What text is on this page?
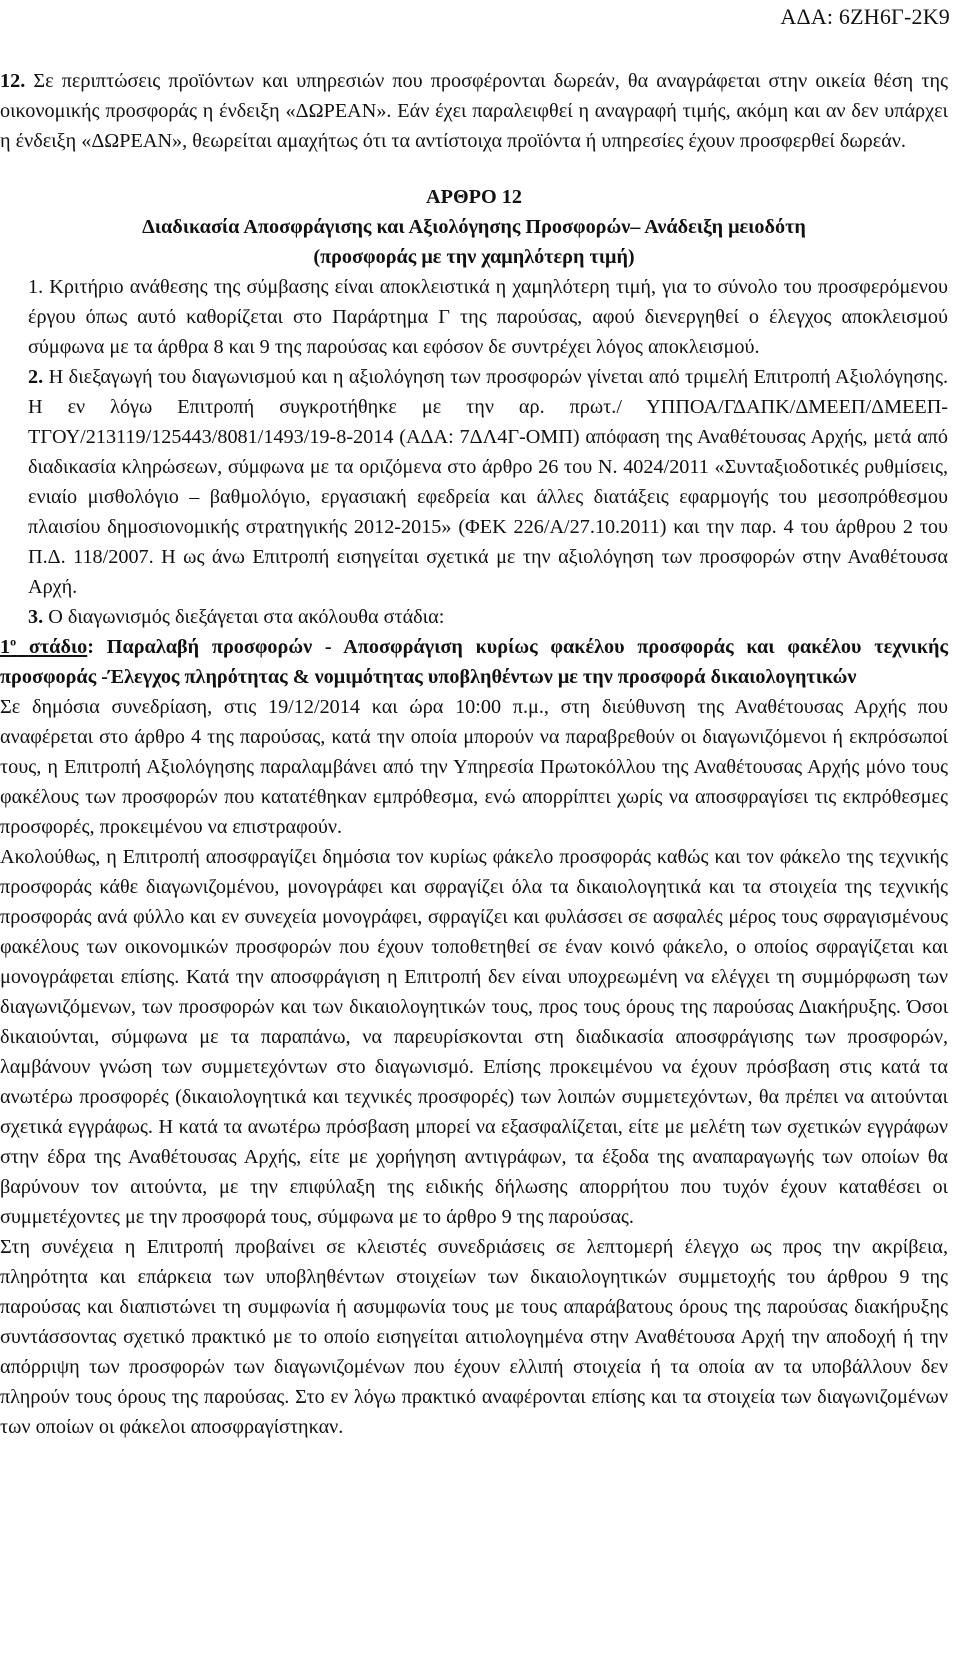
ΑΔΑ: 6ΖΗ6Γ-2Κ9

12. Σε περιπτώσεις προϊόντων και υπηρεσιών που προσφέρονται δωρεάν, θα αναγράφεται στην οικεία θέση της οικονομικής προσφοράς η ένδειξη «ΔΩΡΕΑΝ». Εάν έχει παραλειφθεί η αναγραφή τιμής, ακόμη και αν δεν υπάρχει η ένδειξη «ΔΩΡΕΑΝ», θεωρείται αμαχήτως ότι τα αντίστοιχα προϊόντα ή υπηρεσίες έχουν προσφερθεί δωρεάν.

ΑΡΘΡΟ 12

Διαδικασία Αποσφράγισης και Αξιολόγησης Προσφορών– Ανάδειξη μειοδότη

(προσφοράς με την χαμηλότερη τιμή)

1. Κριτήριο ανάθεσης της σύμβασης είναι αποκλειστικά η χαμηλότερη τιμή, για το σύνολο του προσφερόμενου έργου όπως αυτό καθορίζεται στο Παράρτημα Γ της παρούσας, αφού διενεργηθεί ο έλεγχος αποκλεισμού σύμφωνα με τα άρθρα 8 και 9 της παρούσας και εφόσον δε συντρέχει λόγος αποκλεισμού.

2. Η διεξαγωγή του διαγωνισμού και η αξιολόγηση των προσφορών γίνεται από τριμελή Επιτροπή Αξιολόγησης. Η εν λόγω Επιτροπή συγκροτήθηκε με την αρ. πρωτ./ ΥΠΠΟΑ/ΓΔΑΠΚ/ΔΜΕΕΠ/ΔΜΕΕΠ-ΤΓΟΥ/213119/125443/8081/1493/19-8-2014 (ΑΔΑ: 7ΔΛ4Γ-ΟΜΠ) απόφαση της Αναθέτουσας Αρχής, μετά από διαδικασία κληρώσεων, σύμφωνα με τα οριζόμενα στο άρθρο 26 του Ν. 4024/2011 «Συνταξιοδοτικές ρυθμίσεις, ενιαίο μισθολόγιο – βαθμολόγιο, εργασιακή εφεδρεία και άλλες διατάξεις εφαρμογής του μεσοπρόθεσμου πλαισίου δημοσιονομικής στρατηγικής 2012-2015» (ΦΕΚ 226/Α/27.10.2011) και την παρ. 4 του άρθρου 2 του Π.Δ. 118/2007. Η ως άνω Επιτροπή εισηγείται σχετικά με την αξιολόγηση των προσφορών στην Αναθέτουσα Αρχή.

3. Ο διαγωνισμός διεξάγεται στα ακόλουθα στάδια:

$1^o$ στάδιο: Παραλαβή προσφορών - Αποσφράγιση κυρίως φακέλου προσφοράς και φακέλου τεχνικής προσφοράς -Έλεγχος πληρότητας & νομιμότητας υποβληθέντων με την προσφορά δικαιολογητικών

Σε δημόσια συνεδρίαση, στις 19/12/2014 και ώρα 10:00 π.μ., στη διεύθυνση της Αναθέτουσας Αρχής που αναφέρεται στο άρθρο 4 της παρούσας, κατά την οποία μπορούν να παραβρεθούν οι διαγωνιζόμενοι ή εκπρόσωποί τους, η Επιτροπή Αξιολόγησης παραλαμβάνει από την Υπηρεσία Πρωτοκόλλου της Αναθέτουσας Αρχής μόνο τους φακέλους των προσφορών που κατατέθηκαν εμπρόθεσμα, ενώ απορρίπτει χωρίς να αποσφραγίσει τις εκπρόθεσμες προσφορές, προκειμένου να επιστραφούν.

Ακολούθως, η Επιτροπή αποσφραγίζει δημόσια τον κυρίως φάκελο προσφοράς καθώς και τον φάκελο της τεχνικής προσφοράς κάθε διαγωνιζομένου, μονογράφει και σφραγίζει όλα τα δικαιολογητικά και τα στοιχεία της τεχνικής προσφοράς ανά φύλλο και εν συνεχεία μονογράφει, σφραγίζει και φυλάσσει σε ασφαλές μέρος τους σφραγισμένους φακέλους των οικονομικών προσφορών που έχουν τοποθετηθεί σε έναν κοινό φάκελο, ο οποίος σφραγίζεται και μονογράφεται επίσης. Κατά την αποσφράγιση η Επιτροπή δεν είναι υποχρεωμένη να ελέγχει τη συμμόρφωση των διαγωνιζόμενων, των προσφορών και των δικαιολογητικών τους, προς τους όρους της παρούσας Διακήρυξης. Όσοι δικαιούνται, σύμφωνα με τα παραπάνω, να παρευρίσκονται στη διαδικασία αποσφράγισης των προσφορών, λαμβάνουν γνώση των συμμετεχόντων στο διαγωνισμό. Επίσης προκειμένου να έχουν πρόσβαση στις κατά τα ανωτέρω προσφορές (δικαιολογητικά και τεχνικές προσφορές) των λοιπών συμμετεχόντων, θα πρέπει να αιτούνται σχετικά εγγράφως. Η κατά τα ανωτέρω πρόσβαση μπορεί να εξασφαλίζεται, είτε με μελέτη των σχετικών εγγράφων στην έδρα της Αναθέτουσας Αρχής, είτε με χορήγηση αντιγράφων, τα έξοδα της αναπαραγωγής των οποίων θα βαρύνουν τον αιτούντα, με την επιφύλαξη της ειδικής δήλωσης απορρήτου που τυχόν έχουν καταθέσει οι συμμετέχοντες με την προσφορά τους, σύμφωνα με το άρθρο 9 της παρούσας.

Στη συνέχεια η Επιτροπή προβαίνει σε κλειστές συνεδριάσεις σε λεπτομερή έλεγχο ως προς την ακρίβεια, πληρότητα και επάρκεια των υποβληθέντων στοιχείων των δικαιολογητικών συμμετοχής του άρθρου 9 της παρούσας και διαπιστώνει τη συμφωνία ή ασυμφωνία τους με τους απαράβατους όρους της παρούσας διακήρυξης συντάσσοντας σχετικό πρακτικό με το οποίο εισηγείται αιτιολογημένα στην Αναθέτουσα Αρχή την αποδοχή ή την απόρριψη των προσφορών των διαγωνιζομένων που έχουν ελλιπή στοιχεία ή τα οποία αν τα υποβάλλουν δεν πληρούν τους όρους της παρούσας. Στο εν λόγω πρακτικό αναφέρονται επίσης και τα στοιχεία των διαγωνιζομένων των οποίων οι φάκελοι αποσφραγίστηκαν.
